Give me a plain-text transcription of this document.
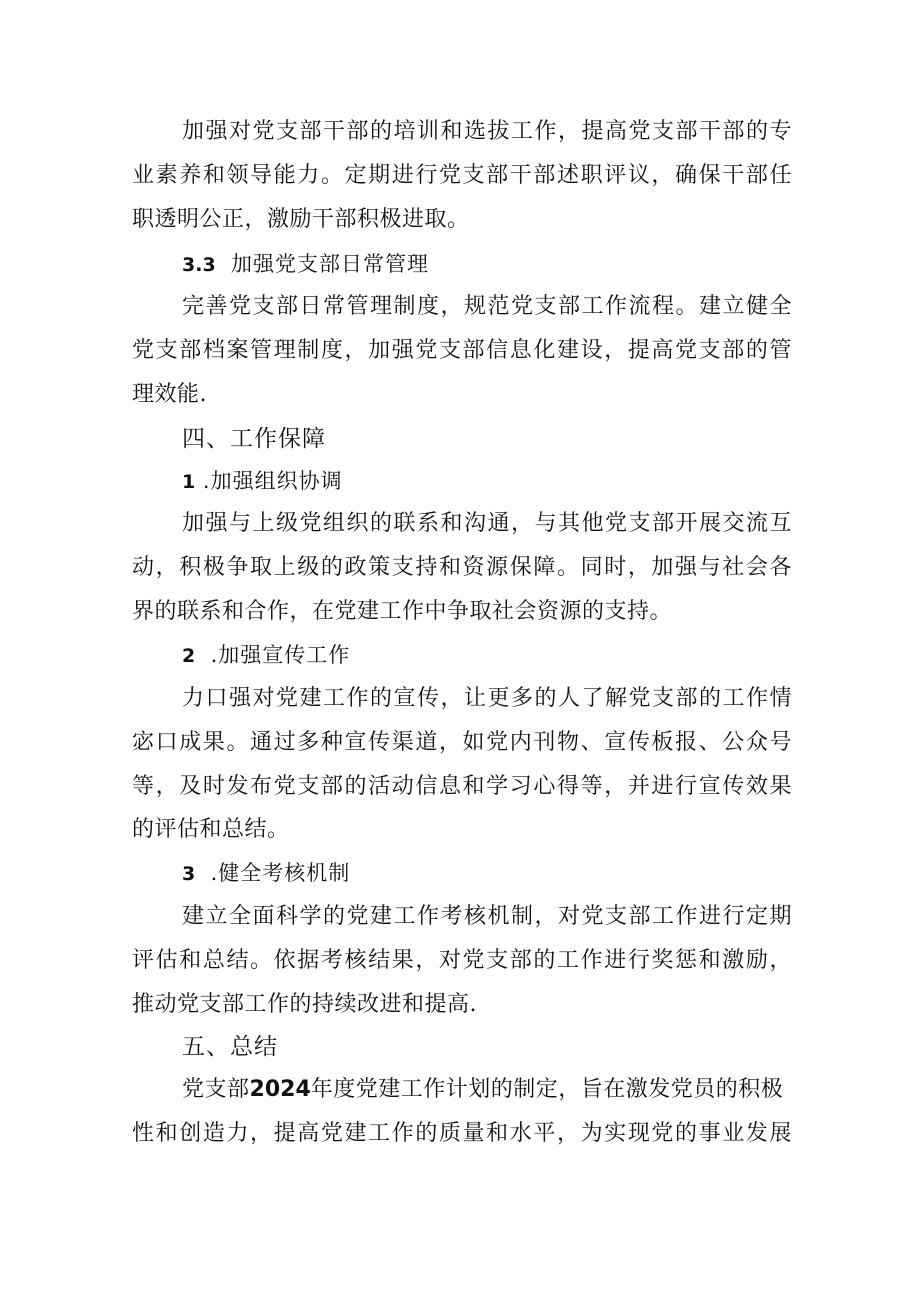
加强对党支部干部的培训和选拔工作，提高党支部干部的专
业素养和领导能力。定期进行党支部干部述职评议，确保干部任
职透明公正，激励干部积极进取。
3.3 加强党支部日常管理
完善党支部日常管理制度，规范党支部工作流程。建立健全
党支部档案管理制度，加强党支部信息化建设，提高党支部的管
理效能.
四、工作保障
1 .加强组织协调
加强与上级党组织的联系和沟通，与其他党支部开展交流互
动，积极争取上级的政策支持和资源保障。同时，加强与社会各
界的联系和合作，在党建工作中争取社会资源的支持。
2 .加强宣传工作
力口强对党建工作的宣传，让更多的人了解党支部的工作情
宓口成果。通过多种宣传渠道，如党内刊物、宣传板报、公众号
等，及时发布党支部的活动信息和学习心得等，并进行宣传效果
的评估和总结。
3 .健全考核机制
建立全面科学的党建工作考核机制，对党支部工作进行定期
评估和总结。依据考核结果，对党支部的工作进行奖惩和激励，
推动党支部工作的持续改进和提高.
五、总结
党支部2024年度党建工作计划的制定，旨在激发党员的积极
性和创造力，提高党建工作的质量和水平，为实现党的事业发展
